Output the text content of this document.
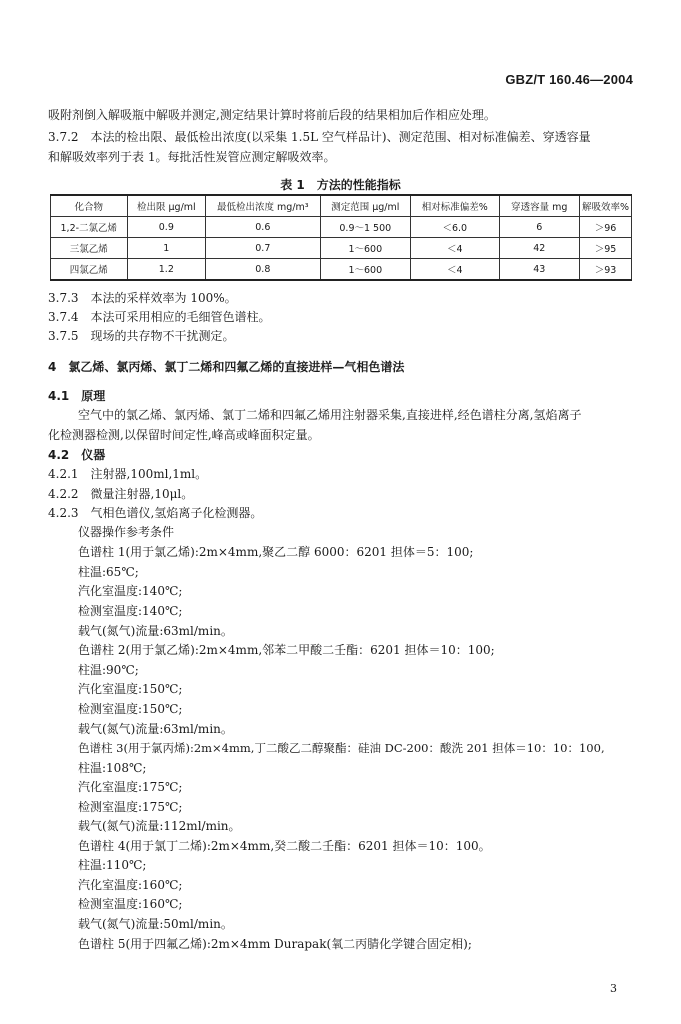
GBZ/T 160.46—2004
吸附剂倒入解吸瓶中解吸并测定,测定结果计算时将前后段的结果相加后作相应处理。
3.7.2　本法的检出限、最低检出浓度(以采集 1.5L 空气样品计)、测定范围、相对标准偏差、穿透容量
和解吸效率列于表 1。每批活性炭管应测定解吸效率。
表 1　方法的性能指标
化合物	检出限 μg/ml	最低检出浓度 mg/m³	测定范围 μg/ml	相对标准偏差%	穿透容量 mg	解吸效率%
1,2-二氯乙烯	0.9	0.6	0.9～1 500	＜6.0	6	＞96
三氯乙烯	1	0.7	1～600	＜4	42	＞95
四氯乙烯	1.2	0.8	1～600	＜4	43	＞93
3.7.3　本法的采样效率为 100%。
3.7.4　本法可采用相应的毛细管色谱柱。
3.7.5　现场的共存物不干扰测定。
4　氯乙烯、氯丙烯、氯丁二烯和四氟乙烯的直接进样—气相色谱法
4.1　原理
空气中的氯乙烯、氯丙烯、氯丁二烯和四氟乙烯用注射器采集,直接进样,经色谱柱分离,氢焰离子
化检测器检测,以保留时间定性,峰高或峰面积定量。
4.2　仪器
4.2.1　注射器,100ml,1ml。
4.2.2　微量注射器,10μl。
4.2.3　气相色谱仪,氢焰离子化检测器。
仪器操作参考条件
色谱柱 1(用于氯乙烯):2m×4mm,聚乙二醇 6000：6201 担体＝5：100;
柱温:65℃;
汽化室温度:140℃;
检测室温度:140℃;
载气(氮气)流量:63ml/min。
色谱柱 2(用于氯乙烯):2m×4mm,邻苯二甲酸二壬酯：6201 担体＝10：100;
柱温:90℃;
汽化室温度:150℃;
检测室温度:150℃;
载气(氮气)流量:63ml/min。
色谱柱 3(用于氯丙烯):2m×4mm,丁二酸乙二醇聚酯：硅油 DC-200：酸洗 201 担体＝10：10：100,
柱温:108℃;
汽化室温度:175℃;
检测室温度:175℃;
载气(氮气)流量:112ml/min。
色谱柱 4(用于氯丁二烯):2m×4mm,癸二酸二壬酯：6201 担体＝10：100。
柱温:110℃;
汽化室温度:160℃;
检测室温度:160℃;
载气(氮气)流量:50ml/min。
色谱柱 5(用于四氟乙烯):2m×4mm Durapak(氧二丙腈化学键合固定相);
3
